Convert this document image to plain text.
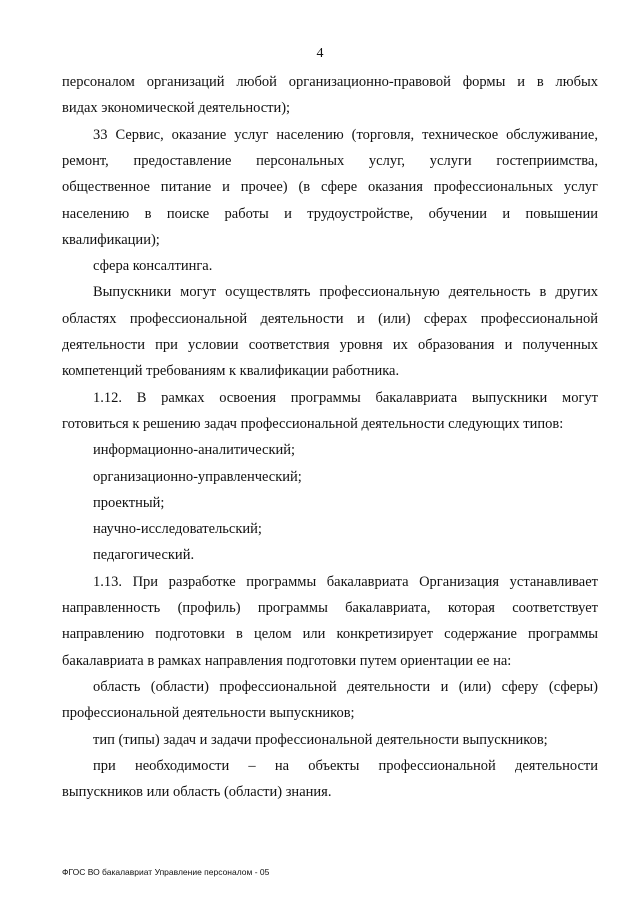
4
персоналом организаций любой организационно-правовой формы и в любых
видах экономической деятельности);
33 Сервис, оказание услуг населению (торговля, техническое обслуживание,
ремонт, предоставление персональных услуг, услуги гостеприимства,
общественное питание и прочее) (в сфере оказания профессиональных услуг
населению в поиске работы и трудоустройстве, обучении и повышении
квалификации);
сфера консалтинга.
Выпускники могут осуществлять профессиональную деятельность в других
областях профессиональной деятельности и (или) сферах профессиональной
деятельности при условии соответствия уровня их образования и полученных
компетенций требованиям к квалификации работника.
1.12. В рамках освоения программы бакалавриата выпускники могут
готовиться к решению задач профессиональной деятельности следующих типов:
информационно-аналитический;
организационно-управленческий;
проектный;
научно-исследовательский;
педагогический.
1.13. При разработке программы бакалавриата Организация устанавливает
направленность (профиль) программы бакалавриата, которая соответствует
направлению подготовки в целом или конкретизирует содержание программы
бакалавриата в рамках направления подготовки путем ориентации ее на:
область (области) профессиональной деятельности и (или) сферу (сферы)
профессиональной деятельности выпускников;
тип (типы) задач и задачи профессиональной деятельности выпускников;
при необходимости – на объекты профессиональной деятельности
выпускников или область (области) знания.
ФГОС ВО бакалавриат Управление персоналом - 05
